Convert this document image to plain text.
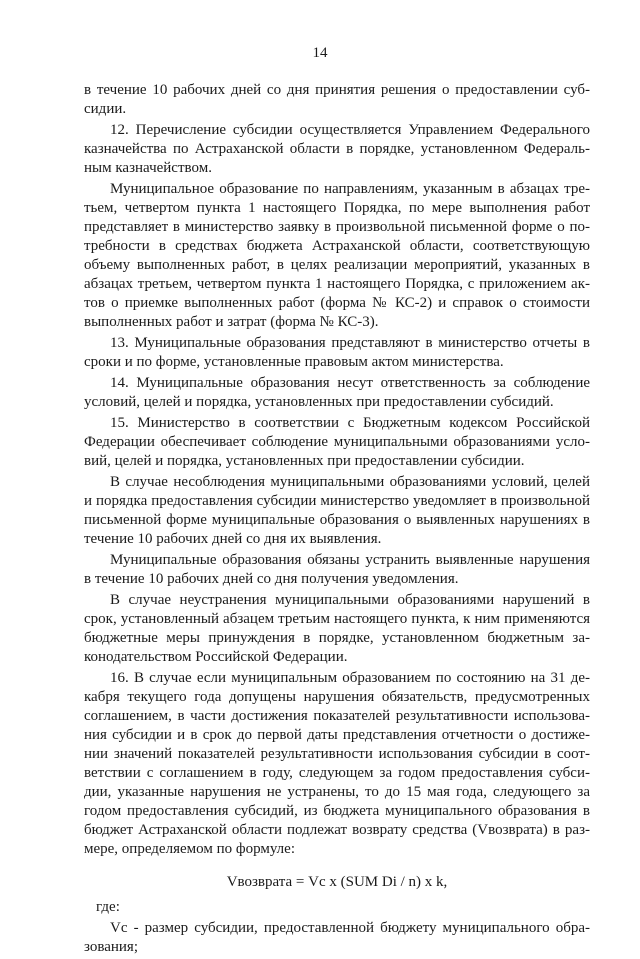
14

в течение 10 рабочих дней со дня принятия решения о предоставлении субсидии.

12. Перечисление субсидии осуществляется Управлением Федерального казначейства по Астраханской области в порядке, установленном Федеральным казначейством.

Муниципальное образование по направлениям, указанным в абзацах третьем, четвертом пункта 1 настоящего Порядка, по мере выполнения работ представляет в министерство заявку в произвольной письменной форме о потребности в средствах бюджета Астраханской области, соответствующую объему выполненных работ, в целях реализации мероприятий, указанных в абзацах третьем, четвертом пункта 1 настоящего Порядка, с приложением актов о приемке выполненных работ (форма № КС-2) и справок о стоимости выполненных работ и затрат (форма № КС-3).

13. Муниципальные образования представляют в министерство отчеты в сроки и по форме, установленные правовым актом министерства.

14. Муниципальные образования несут ответственность за соблюдение условий, целей и порядка, установленных при предоставлении субсидий.

15. Министерство в соответствии с Бюджетным кодексом Российской Федерации обеспечивает соблюдение муниципальными образованиями условий, целей и порядка, установленных при предоставлении субсидии.

В случае несоблюдения муниципальными образованиями условий, целей и порядка предоставления субсидии министерство уведомляет в произвольной письменной форме муниципальные образования о выявленных нарушениях в течение 10 рабочих дней со дня их выявления.

Муниципальные образования обязаны устранить выявленные нарушения в течение 10 рабочих дней со дня получения уведомления.

В случае неустранения муниципальными образованиями нарушений в срок, установленный абзацем третьим настоящего пункта, к ним применяются бюджетные меры принуждения в порядке, установленном бюджетным законодательством Российской Федерации.

16. В случае если муниципальным образованием по состоянию на 31 декабря текущего года допущены нарушения обязательств, предусмотренных соглашением, в части достижения показателей результативности использования субсидии и в срок до первой даты представления отчетности о достижении значений показателей результативности использования субсидии в соответствии с соглашением в году, следующем за годом предоставления субсидии, указанные нарушения не устранены, то до 15 мая года, следующего за годом предоставления субсидий, из бюджета муниципального образования в бюджет Астраханской области подлежат возврату средства (Vвозврата) в размере, определяемом по формуле:

Vвозврата = Vc x (SUM Di / n) x k,

где:

Vc - размер субсидии, предоставленной бюджету муниципального образования;
